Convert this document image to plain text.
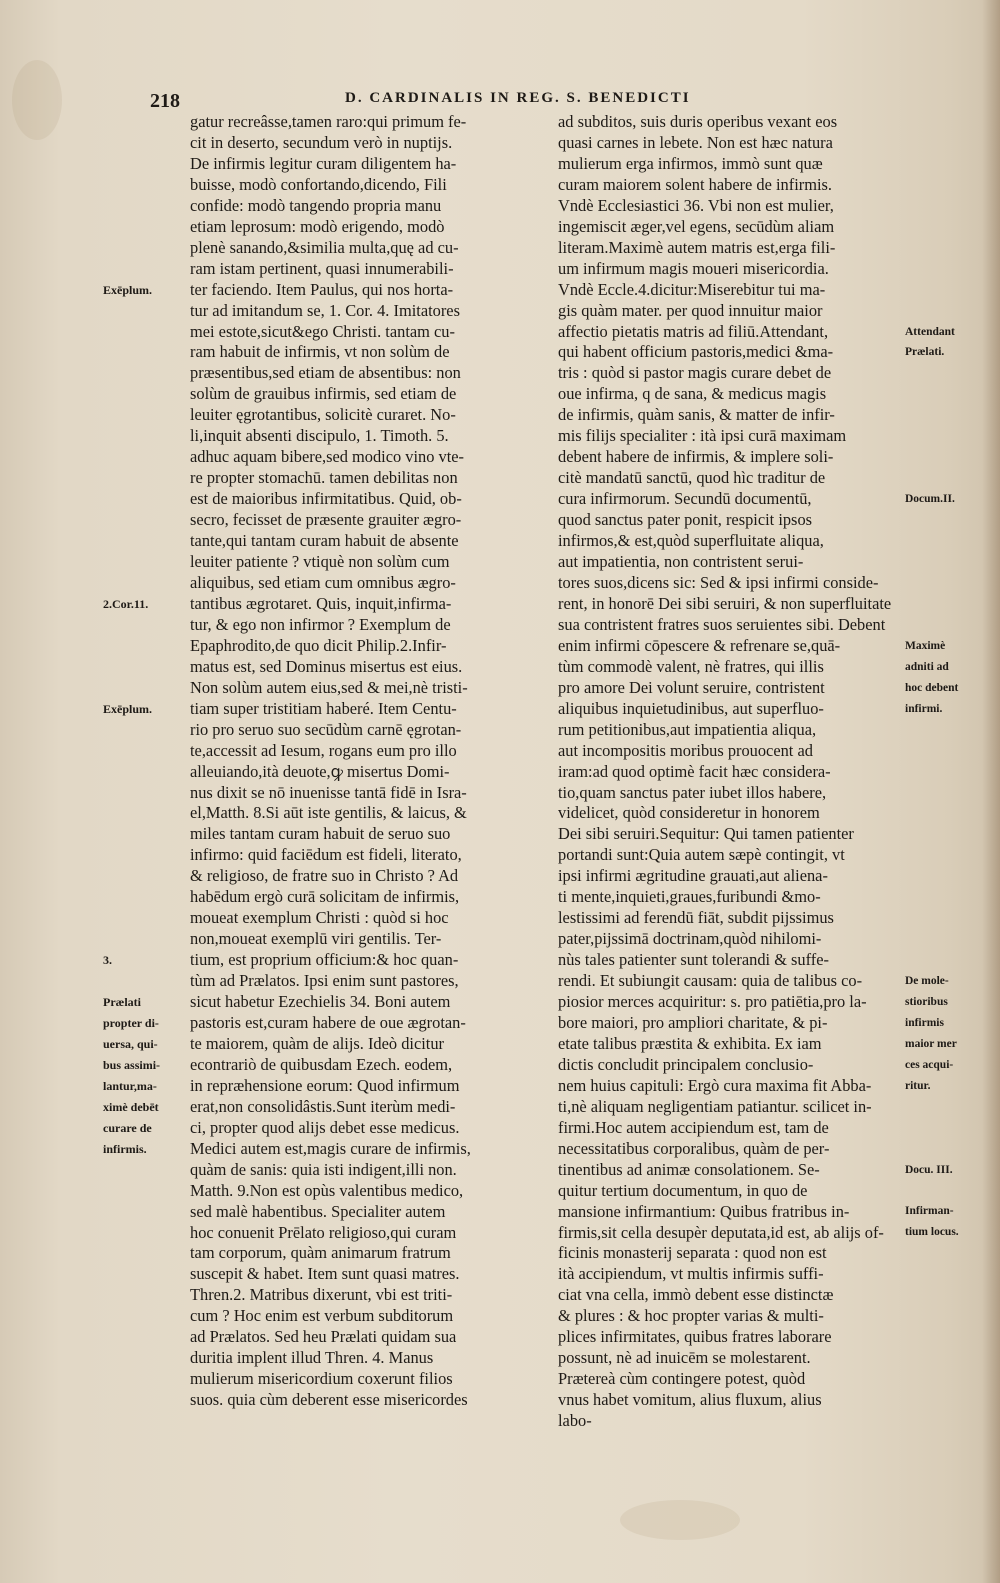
218	D. CARDINALIS IN REG. S. BENEDICTI
gatur recreâsse,tamen raro:qui primum fe-
cit in deserto, secundum verò in nuptijs.
De infirmis legitur curam diligentem ha-
buisse, modò confortando,dicendo, Fili
confide: modò tangendo propria manu
etiam leprosum: modò erigendo, modò
plenè sanando,&similia multa,quę ad cu-
ram istam pertinent, quasi innumerabili-
ter faciendo. Item Paulus, qui nos horta-
tur ad imitandum se, 1. Cor. 4. Imitatores
mei estote,sicut&ego Christi. tantam cu-
ram habuit de infirmis, vt non solùm de
præsentibus,sed etiam de absentibus: non
solùm de grauibus infirmis, sed etiam de
leuiter ęgrotantibus, solicitè curaret. No-
li,inquit absenti discipulo, 1. Timoth. 5.
adhuc aquam bibere,sed modico vino vte-
re propter stomachū. tamen debilitas non
est de maioribus infirmitatibus. Quid, ob-
secro, fecisset de præsente grauiter ægro-
tante,qui tantam curam habuit de absente
leuiter patiente ? vtiquè non solùm cum
aliquibus, sed etiam cum omnibus ægro-
tantibus ægrotaret. Quis, inquit,infirma-
tur, & ego non infirmor ? Exemplum de
Epaphrodito,de quo dicit Philip.2.Infir-
matus est, sed Dominus misertus est eius.
Non solùm autem eius,sed & mei,nè tristi-
tiam super tristitiam haberé. Item Centu-
rio pro seruo suo secūdùm carnē ęgrotan-
te,accessit ad Iesum, rogans eum pro illo
alleuiando,ità deuote,ꝙ misertus Domi-
nus dixit se nō inuenisse tantā fidē in Isra-
el,Matth. 8.Si aūt iste gentilis, & laicus, &
miles tantam curam habuit de seruo suo
infirmo: quid faciēdum est fideli, literato,
& religioso, de fratre suo in Christo ? Ad
habēdum ergò curā solicitam de infirmis,
moueat exemplum Christi : quòd si hoc
non,moueat exemplū viri gentilis. Ter-
tium, est proprium officium:& hoc quan-
tùm ad Prælatos. Ipsi enim sunt pastores,
sicut habetur Ezechielis 34. Boni autem
pastoris est,curam habere de oue ægrotan-
te maiorem, quàm de alijs. Ideò dicitur
econtrariò de quibusdam Ezech. eodem,
in repræhensione eorum: Quod infirmum
erat,non consolidâstis.Sunt iterùm medi-
ci, propter quod alijs debet esse medicus.
Medici autem est,magis curare de infirmis,
quàm de sanis: quia isti indigent,illi non.
Matth. 9.Non est opùs valentibus medico,
sed malè habentibus. Specialiter autem
hoc conuenit Prēlato religioso,qui curam
tam corporum, quàm animarum fratrum
suscepit & habet. Item sunt quasi matres.
Thren.2. Matribus dixerunt, vbi est triti-
cum ? Hoc enim est verbum subditorum
ad Prælatos. Sed heu Prælati quidam sua
duritia implent illud Thren. 4. Manus
mulierum misericordium coxerunt filios
suos. quia cùm deberent esse misericordes
ad subditos, suis duris operibus vexant eos
quasi carnes in lebete. Non est hæc natura
mulierum erga infirmos, immò sunt quæ
curam maiorem solent habere de infirmis.
Vndè Ecclesiastici 36. Vbi non est mulier,
ingemiscit æger,vel egens, secūdùm aliam
literam.Maximè autem matris est,erga fili-
um infirmum magis moueri misericordia.
Vndè Eccle.4.dicitur:Miserebitur tui ma-
gis quàm mater. per quod innuitur maior
affectio pietatis matris ad filiū.Attendant,
qui habent officium pastoris,medici &ma-
tris : quòd si pastor magis curare debet de
oue infirma, q de sana, & medicus magis
de infirmis, quàm sanis, & matter de infir-
mis filijs specialiter : ità ipsi curā maximam
debent habere de infirmis, & implere soli-
citè mandatū sanctū, quod hìc traditur de
cura infirmorum. Secundū documentū,
quod sanctus pater ponit, respicit ipsos
infirmos,& est,quòd superfluitate aliqua,
aut impatientia, non contristent serui-
tores suos,dicens sic: Sed & ipsi infirmi conside-
rent, in honorē Dei sibi seruiri, & non superfluitate
sua contristent fratres suos seruientes sibi. Debent
enim infirmi cōpescere & refrenare se,quā-
tùm commodè valent, nè fratres, qui illis
pro amore Dei volunt seruire, contristent
aliquibus inquietudinibus, aut superfluo-
rum petitionibus,aut impatientia aliqua,
aut incompositis moribus prouocent ad
iram:ad quod optimè facit hæc considera-
tio,quam sanctus pater iubet illos habere,
videlicet, quòd consideretur in honorem
Dei sibi seruiri.Sequitur: Qui tamen patienter
portandi sunt:Quia autem sæpè contingit, vt
ipsi infirmi ægritudine grauati,aut aliena-
ti mente,inquieti,graues,furibundi &mo-
lestissimi ad ferendū fiāt, subdit pijssimus
pater,pijssimā doctrinam,quòd nihilomi-
nùs tales patienter sunt tolerandi & suffe-
rendi. Et subiungit causam: quia de talibus co-
piosior merces acquiritur: s. pro patiētia,pro la-
bore maiori, pro ampliori charitate, & pi-
etate talibus præstita & exhibita. Ex iam
dictis concludit principalem conclusio-
nem huius capituli: Ergò cura maxima fit Abba-
ti,nè aliquam negligentiam patiantur. scilicet in-
firmi.Hoc autem accipiendum est, tam de
necessitatibus corporalibus, quàm de per-
tinentibus ad animæ consolationem. Se-
quitur tertium documentum, in quo de
mansione infirmantium: Quibus fratribus in-
firmis,sit cella desupèr deputata,id est, ab alijs of-
ficinis monasterij separata : quod non est
ità accipiendum, vt multis infirmis suffi-
ciat vna cella, immò debent esse distinctæ
& plures : & hoc propter varias & multi-
plices infirmitates, quibus fratres laborare
possunt, nè ad inuicēm se molestarent.
Prætereà cùm contingere potest, quòd
vnus habet vomitum, alius fluxum, alius
labo-
Exēplum.
2.Cor.11.
Exēplum.
3.
Prælati
propter di-
uersa, qui-
bus assimi-
lantur,ma-
ximè debēt
curare de
infirmis.
Attendant
Prælati.
Docum.II.
Maximè
adniti ad
hoc debent
infirmi.
De mole-
stioribus
infirmis
maior mer
ces acqui-
ritur.
Docu. III.
Infirman-
tium locus.
